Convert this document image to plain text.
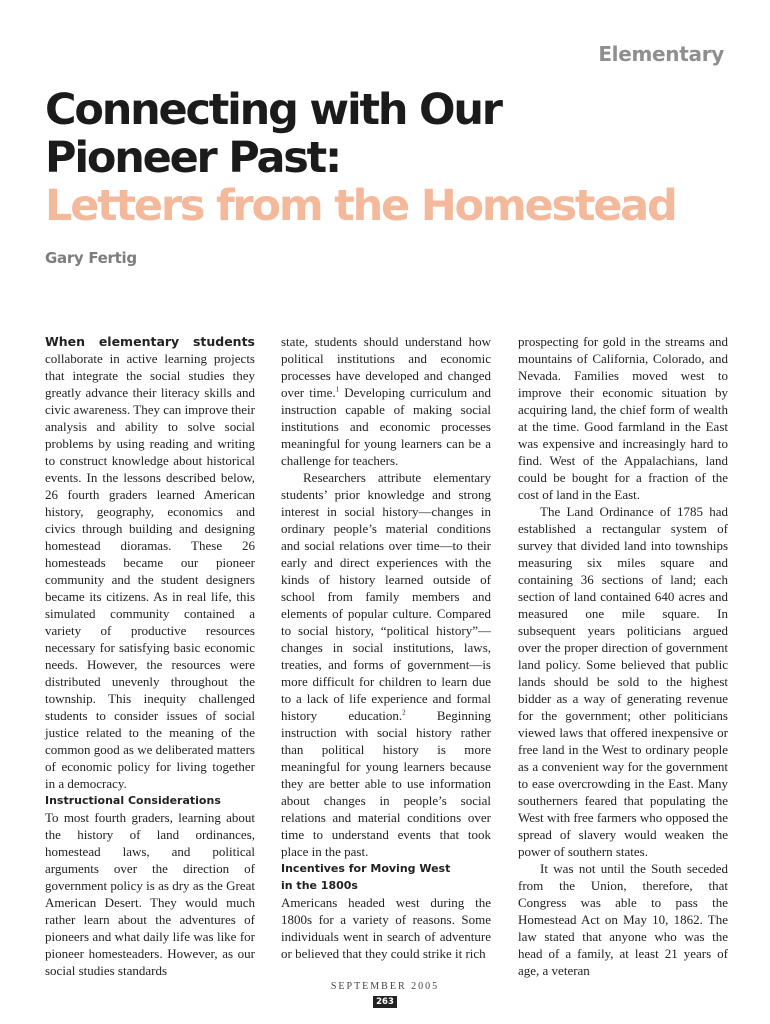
Elementary
Connecting with Our
Pioneer Past:
Letters from the Homestead
Gary Fertig

When elementary students collaborate in active learning projects that integrate the social studies they greatly advance their literacy skills and civic awareness. They can improve their analysis and ability to solve social problems by using reading and writing to construct knowledge about historical events. In the lessons described below, 26 fourth graders learned American history, geography, economics and civics through building and designing homestead dioramas. These 26 homesteads became our pioneer community and the student designers became its citizens. As in real life, this simulated community contained a variety of productive resources necessary for satisfying basic economic needs. However, the resources were distributed unevenly throughout the township. This inequity challenged students to consider issues of social justice related to the meaning of the common good as we deliberated matters of economic policy for living together in a democracy.

Instructional Considerations

To most fourth graders, learning about the history of land ordinances, homestead laws, and political arguments over the direction of government policy is as dry as the Great American Desert. They would much rather learn about the adventures of pioneers and what daily life was like for pioneer homesteaders. However, as our social studies standards

state, students should understand how political institutions and economic processes have developed and changed over time.$^1$ Developing curriculum and instruction capable of making social institutions and economic processes meaningful for young learners can be a challenge for teachers.

Researchers attribute elementary students’ prior knowledge and strong interest in social history—changes in ordinary people’s material conditions and social relations over time—to their early and direct experiences with the kinds of history learned outside of school from family members and elements of popular culture. Compared to social history, “political history”—changes in social institutions, laws, treaties, and forms of government—is more difficult for children to learn due to a lack of life experience and formal history education.$^2$ Beginning instruction with social history rather than political history is more meaningful for young learners because they are better able to use information about changes in people’s social relations and material conditions over time to understand events that took place in the past.

Incentives for Moving West
in the 1800s

Americans headed west during the 1800s for a variety of reasons. Some individuals went in search of adventure or believed that they could strike it rich

prospecting for gold in the streams and mountains of California, Colorado, and Nevada. Families moved west to improve their economic situation by acquiring land, the chief form of wealth at the time. Good farmland in the East was expensive and increasingly hard to find. West of the Appalachians, land could be bought for a fraction of the cost of land in the East.

The Land Ordinance of 1785 had established a rectangular system of survey that divided land into townships measuring six miles square and containing 36 sections of land; each section of land contained 640 acres and measured one mile square. In subsequent years politicians argued over the proper direction of government land policy. Some believed that public lands should be sold to the highest bidder as a way of generating revenue for the government; other politicians viewed laws that offered inexpensive or free land in the West to ordinary people as a convenient way for the government to ease overcrowding in the East. Many southerners feared that populating the West with free farmers who opposed the spread of slavery would weaken the power of southern states.

It was not until the South seceded from the Union, therefore, that Congress was able to pass the Homestead Act on May 10, 1862. The law stated that anyone who was the head of a family, at least 21 years of age, a veteran

SEPTEMBER 2005
263
